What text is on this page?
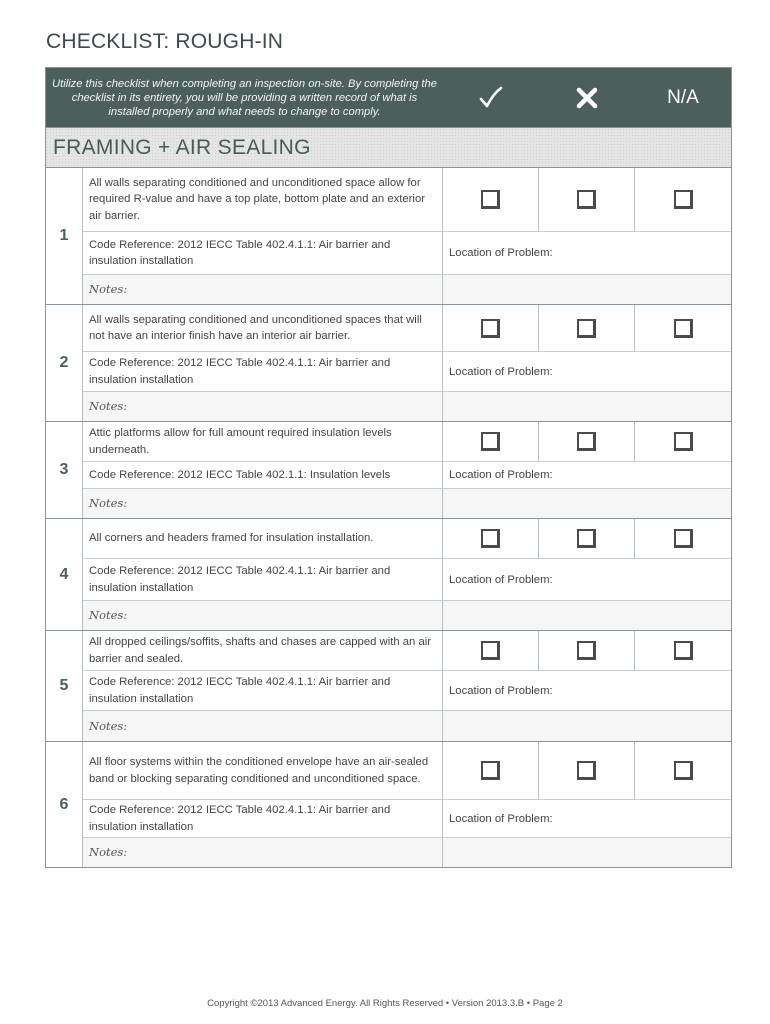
CHECKLIST: ROUGH-IN
Utilize this checklist when completing an inspection on-site. By completing the checklist in its entirety, you will be providing a written record of what is installed properly and what needs to change to comply.
N/A
FRAMING + AIR SEALING
1
All walls separating conditioned and unconditioned space allow for required R-value and have a top plate, bottom plate and an exterior air barrier.
Code Reference: 2012 IECC Table 402.4.1.1: Air barrier and insulation installation
Location of Problem:
Notes:
2
All walls separating conditioned and unconditioned spaces that will not have an interior finish have an interior air barrier.
Code Reference: 2012 IECC Table 402.4.1.1: Air barrier and insulation installation
Location of Problem:
Notes:
3
Attic platforms allow for full amount required insulation levels underneath.
Code Reference: 2012 IECC Table 402.1.1: Insulation levels	Location of Problem:
Notes:
4
All corners and headers framed for insulation installation.
Code Reference: 2012 IECC Table 402.4.1.1: Air barrier and insulation installation
Location of Problem:
Notes:
5
All dropped ceilings/soffits, shafts and chases are capped with an air barrier and sealed.
Code Reference: 2012 IECC Table 402.4.1.1: Air barrier and insulation installation
Location of Problem:
Notes:
6
All floor systems within the conditioned envelope have an air-sealed band or blocking separating conditioned and unconditioned space.
Code Reference: 2012 IECC Table 402.4.1.1: Air barrier and insulation installation
Location of Problem:
Notes:
Copyright ©2013 Advanced Energy. All Rights Reserved • Version 2013.3.B • Page 2
